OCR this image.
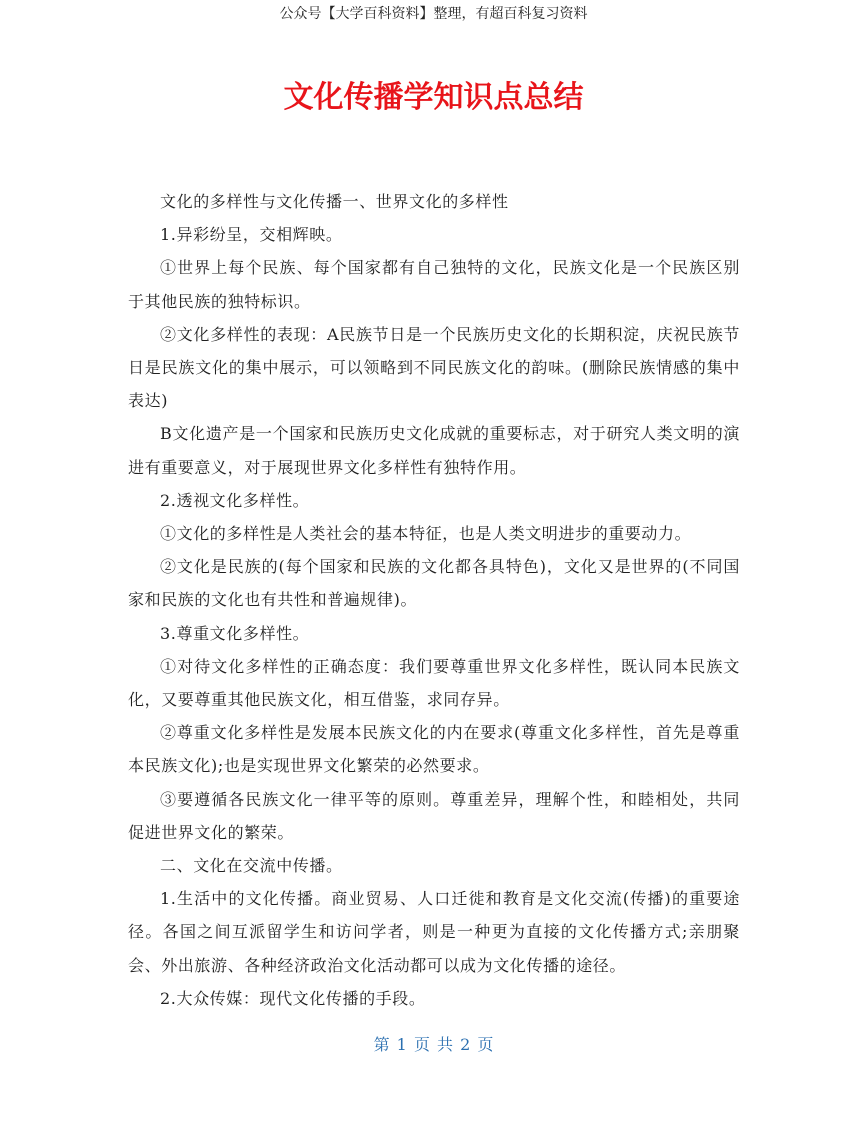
公众号【大学百科资料】整理，有超百科复习资料
文化传播学知识点总结

文化的多样性与文化传播一、世界文化的多样性

1.异彩纷呈，交相辉映。

①世界上每个民族、每个国家都有自己独特的文化，民族文化是一个民族区别于其他民族的独特标识。

②文化多样性的表现：A民族节日是一个民族历史文化的长期积淀，庆祝民族节日是民族文化的集中展示，可以领略到不同民族文化的韵味。(删除民族情感的集中表达)

B文化遗产是一个国家和民族历史文化成就的重要标志，对于研究人类文明的演进有重要意义，对于展现世界文化多样性有独特作用。

2.透视文化多样性。

①文化的多样性是人类社会的基本特征，也是人类文明进步的重要动力。

②文化是民族的(每个国家和民族的文化都各具特色)，文化又是世界的(不同国家和民族的文化也有共性和普遍规律)。

3.尊重文化多样性。

①对待文化多样性的正确态度：我们要尊重世界文化多样性，既认同本民族文化，又要尊重其他民族文化，相互借鉴，求同存异。

②尊重文化多样性是发展本民族文化的内在要求(尊重文化多样性，首先是尊重本民族文化);也是实现世界文化繁荣的必然要求。

③要遵循各民族文化一律平等的原则。尊重差异，理解个性，和睦相处，共同促进世界文化的繁荣。

二、文化在交流中传播。

1.生活中的文化传播。商业贸易、人口迁徙和教育是文化交流(传播)的重要途径。各国之间互派留学生和访问学者，则是一种更为直接的文化传播方式;亲朋聚会、外出旅游、各种经济政治文化活动都可以成为文化传播的途径。

2.大众传媒：现代文化传播的手段。

第 1 页 共 2 页
